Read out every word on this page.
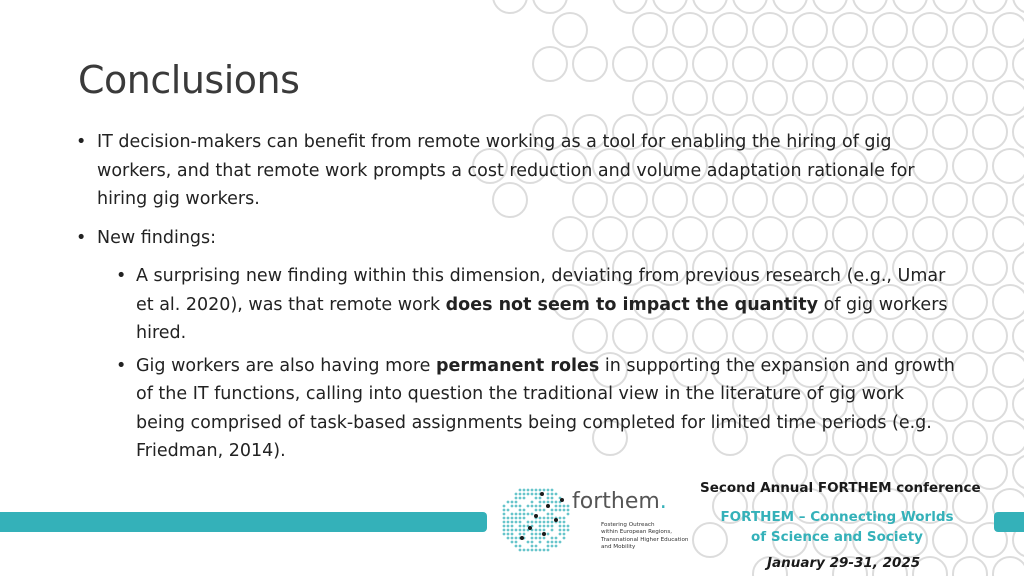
Conclusions
• IT decision-makers can benefit from remote working as a tool for enabling the hiring of gig workers, and that remote work prompts a cost reduction and volume adaptation rationale for hiring gig workers.
• New findings:
• A surprising new finding within this dimension, deviating from previous research (e.g., Umar et al. 2020), was that remote work does not seem to impact the quantity of gig workers hired.
• Gig workers are also having more permanent roles in supporting the expansion and growth of the IT functions, calling into question the traditional view in the literature of gig work being comprised of task-based assignments being completed for limited time periods (e.g. Friedman, 2014).
forthem.
Fostering Outreach
within European Regions,
Transnational Higher Education
and Mobility
Second Annual FORTHEM conference
FORTHEM – Connecting Worlds of Science and Society
January 29-31, 2025
